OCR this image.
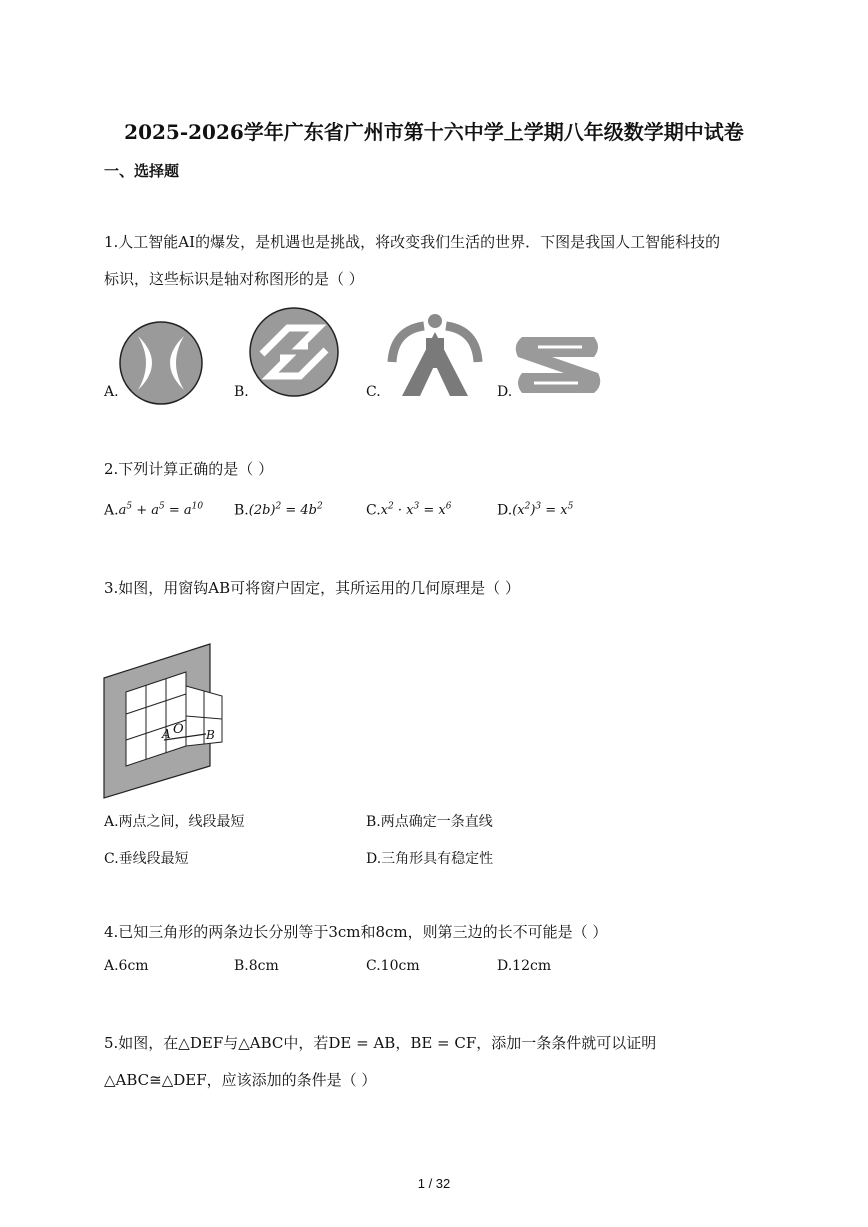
2025-2026学年广东省广州市第十六中学上学期八年级数学期中试卷
一、选择题
1.人工智能AI的爆发，是机遇也是挑战，将改变我们生活的世界．下图是我国人工智能科技的
标识，这些标识是轴对称图形的是（ ）
A.	B.	C.	D.
2.下列计算正确的是（ ）
$A.a^5 + a^5 = a^{10}$ $B.(2b)^2 = 4b^2$	$C.x^2 \cdot x^3 = x^6$	$D.(x^2)^3 = x^5$
3.如图，用窗钩AB可将窗户固定，其所运用的几何原理是（ ）
A O B
A.两点之间，线段最短	B.两点确定一条直线
C.垂线段最短	D.三角形具有稳定性
4.已知三角形的两条边长分别等于3cm和8cm，则第三边的长不可能是（ ）
A.6cm	B.8cm	C.10cm	D.12cm
5.如图，在△DEF与△ABC中，若DE = AB，BE = CF，添加一条条件就可以证明
△ABC≅△DEF，应该添加的条件是（ ）
1 / 32
